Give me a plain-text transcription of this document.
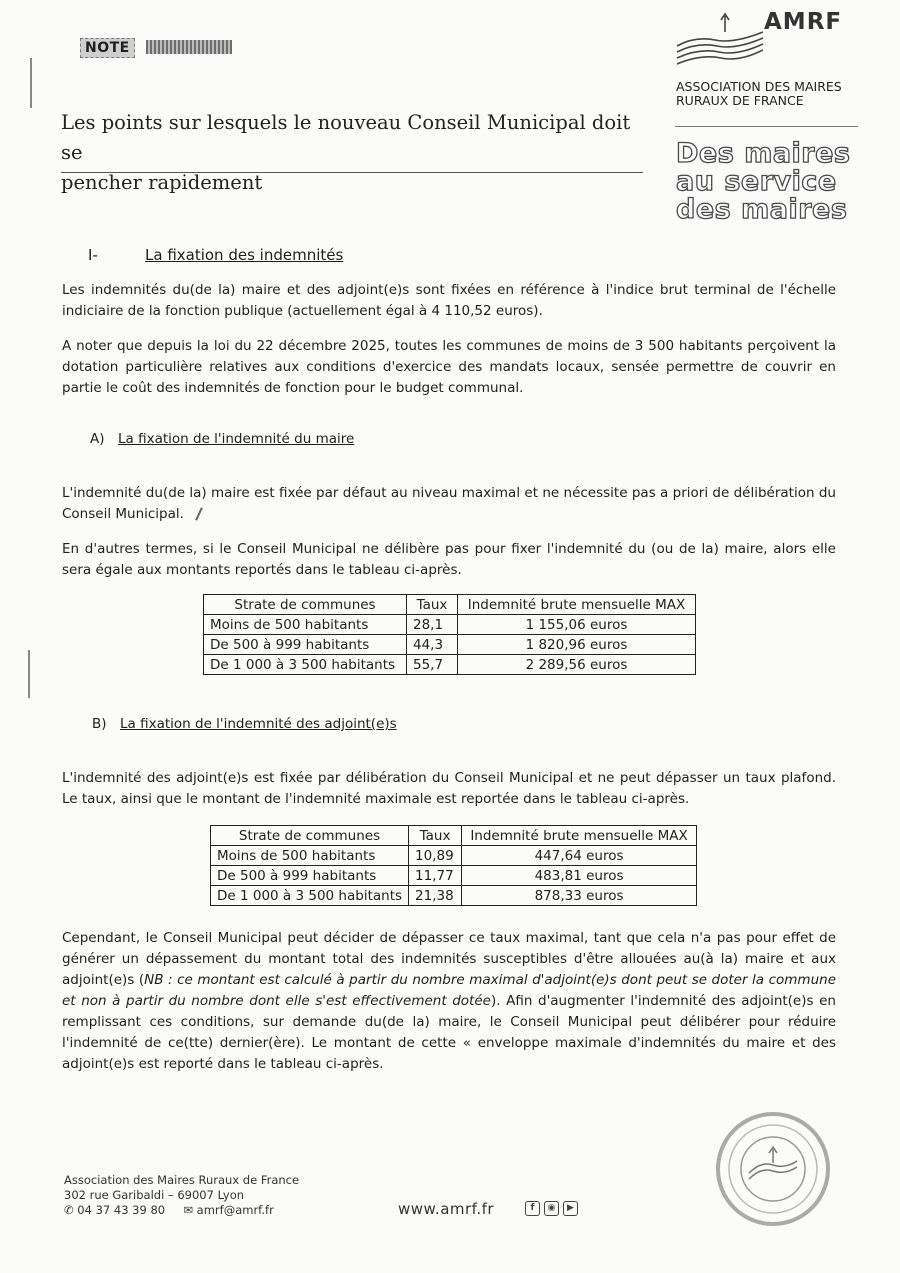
NOTE
Les points sur lesquels le nouveau Conseil Municipal doit se
pencher rapidement
AMRF
ASSOCIATION DES MAIRES
RURAUX DE FRANCE
Des maires
au service
des maires
I-	La fixation des indemnités
Les indemnités du(de la) maire et des adjoint(e)s sont fixées en référence à l'indice brut terminal de l'échelle indiciaire de la fonction publique (actuellement égal à 4 110,52 euros).
A noter que depuis la loi du 22 décembre 2025, toutes les communes de moins de 3 500 habitants perçoivent la dotation particulière relatives aux conditions d'exercice des mandats locaux, sensée permettre de couvrir en partie le coût des indemnités de fonction pour le budget communal.
A) La fixation de l'indemnité du maire
L'indemnité du(de la) maire est fixée par défaut au niveau maximal et ne nécessite pas a priori de délibération du Conseil Municipal.
En d'autres termes, si le Conseil Municipal ne délibère pas pour fixer l'indemnité du (ou de la) maire, alors elle sera égale aux montants reportés dans le tableau ci-après.
Strate de communes	Taux	Indemnité brute mensuelle MAX
Moins de 500 habitants	28,1	1 155,06 euros
De 500 à 999 habitants	44,3	1 820,96 euros
De 1 000 à 3 500 habitants	55,7	2 289,56 euros
B) La fixation de l'indemnité des adjoint(e)s
L'indemnité des adjoint(e)s est fixée par délibération du Conseil Municipal et ne peut dépasser un taux plafond. Le taux, ainsi que le montant de l'indemnité maximale est reportée dans le tableau ci-après.
Strate de communes	Taux	Indemnité brute mensuelle MAX
Moins de 500 habitants	10,89	447,64 euros
De 500 à 999 habitants	11,77	483,81 euros
De 1 000 à 3 500 habitants	21,38	878,33 euros
Cependant, le Conseil Municipal peut décider de dépasser ce taux maximal, tant que cela n'a pas pour effet de générer un dépassement du montant total des indemnités susceptibles d'être allouées au(à la) maire et aux adjoint(e)s (NB : ce montant est calculé à partir du nombre maximal d'adjoint(e)s dont peut se doter la commune et non à partir du nombre dont elle s'est effectivement dotée). Afin d'augmenter l'indemnité des adjoint(e)s en remplissant ces conditions, sur demande du(de la) maire, le Conseil Municipal peut délibérer pour réduire l'indemnité de ce(tte) dernier(ère). Le montant de cette « enveloppe maximale d'indemnités du maire et des adjoint(e)s est reporté dans le tableau ci-après.
Association des Maires Ruraux de France
302 rue Garibaldi – 69007 Lyon
✆ 04 37 43 39 80 ✉ amrf@amrf.fr	www.amrf.fr	f	◉	▶
